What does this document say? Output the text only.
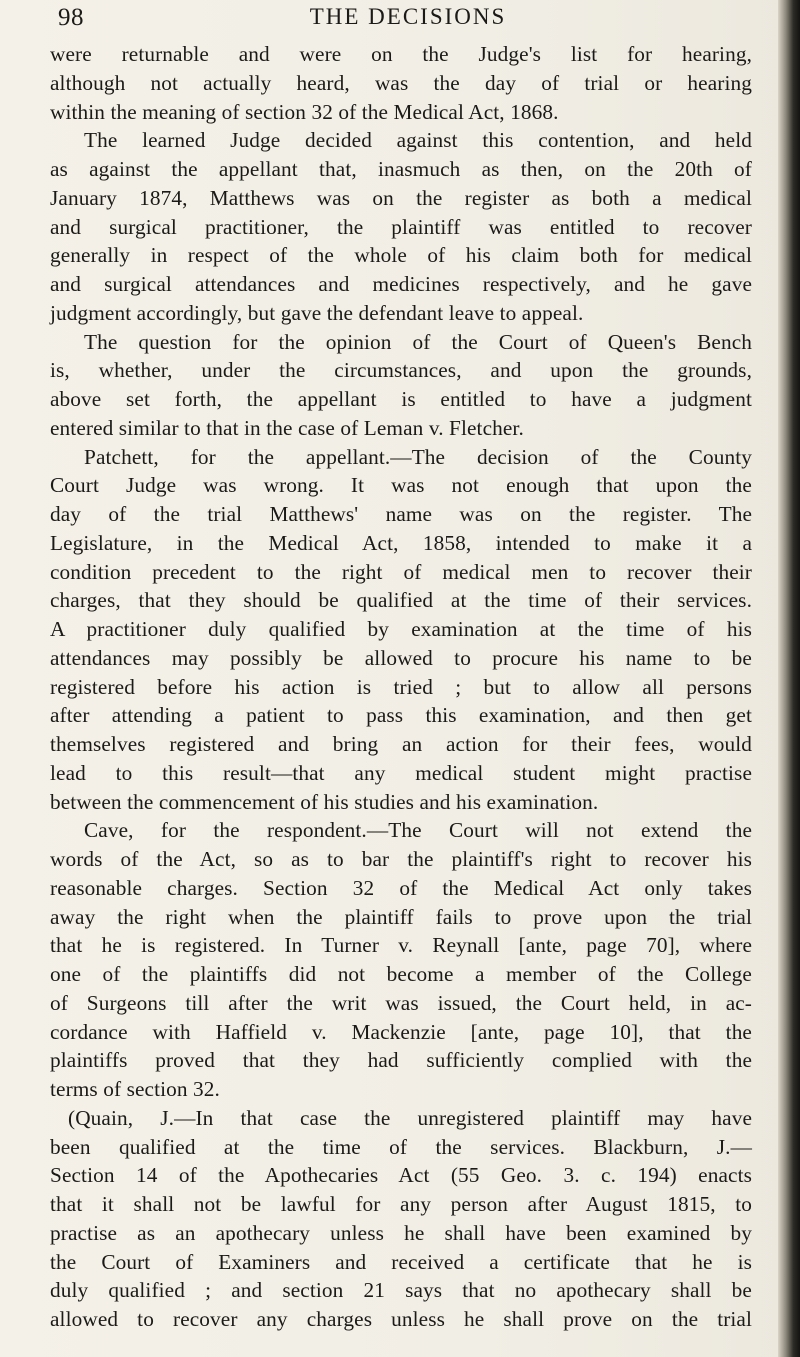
98	THE DECISIONS
were returnable and were on the Judge's list for hearing,
although not actually heard, was the day of trial or hearing
within the meaning of section 32 of the Medical Act, 1868.
The learned Judge decided against this contention, and held
as against the appellant that, inasmuch as then, on the 20th of
January 1874, Matthews was on the register as both a medical
and surgical practitioner, the plaintiff was entitled to recover
generally in respect of the whole of his claim both for medical
and surgical attendances and medicines respectively, and he gave
judgment accordingly, but gave the defendant leave to appeal.
The question for the opinion of the Court of Queen's Bench
is, whether, under the circumstances, and upon the grounds,
above set forth, the appellant is entitled to have a judgment
entered similar to that in the case of Leman v. Fletcher.
Patchett, for the appellant.—The decision of the County
Court Judge was wrong. It was not enough that upon the
day of the trial Matthews' name was on the register. The
Legislature, in the Medical Act, 1858, intended to make it a
condition precedent to the right of medical men to recover their
charges, that they should be qualified at the time of their services.
A practitioner duly qualified by examination at the time of his
attendances may possibly be allowed to procure his name to be
registered before his action is tried ; but to allow all persons
after attending a patient to pass this examination, and then get
themselves registered and bring an action for their fees, would
lead to this result—that any medical student might practise
between the commencement of his studies and his examination.
Cave, for the respondent.—The Court will not extend the
words of the Act, so as to bar the plaintiff's right to recover his
reasonable charges. Section 32 of the Medical Act only takes
away the right when the plaintiff fails to prove upon the trial
that he is registered. In Turner v. Reynall [ante, page 70], where
one of the plaintiffs did not become a member of the College
of Surgeons till after the writ was issued, the Court held, in ac-
cordance with Haffield v. Mackenzie [ante, page 10], that the
plaintiffs proved that they had sufficiently complied with the
terms of section 32.
(Quain, J.—In that case the unregistered plaintiff may have
been qualified at the time of the services. Blackburn, J.—
Section 14 of the Apothecaries Act (55 Geo. 3. c. 194) enacts
that it shall not be lawful for any person after August 1815, to
practise as an apothecary unless he shall have been examined by
the Court of Examiners and received a certificate that he is
duly qualified ; and section 21 says that no apothecary shall be
allowed to recover any charges unless he shall prove on the trial
